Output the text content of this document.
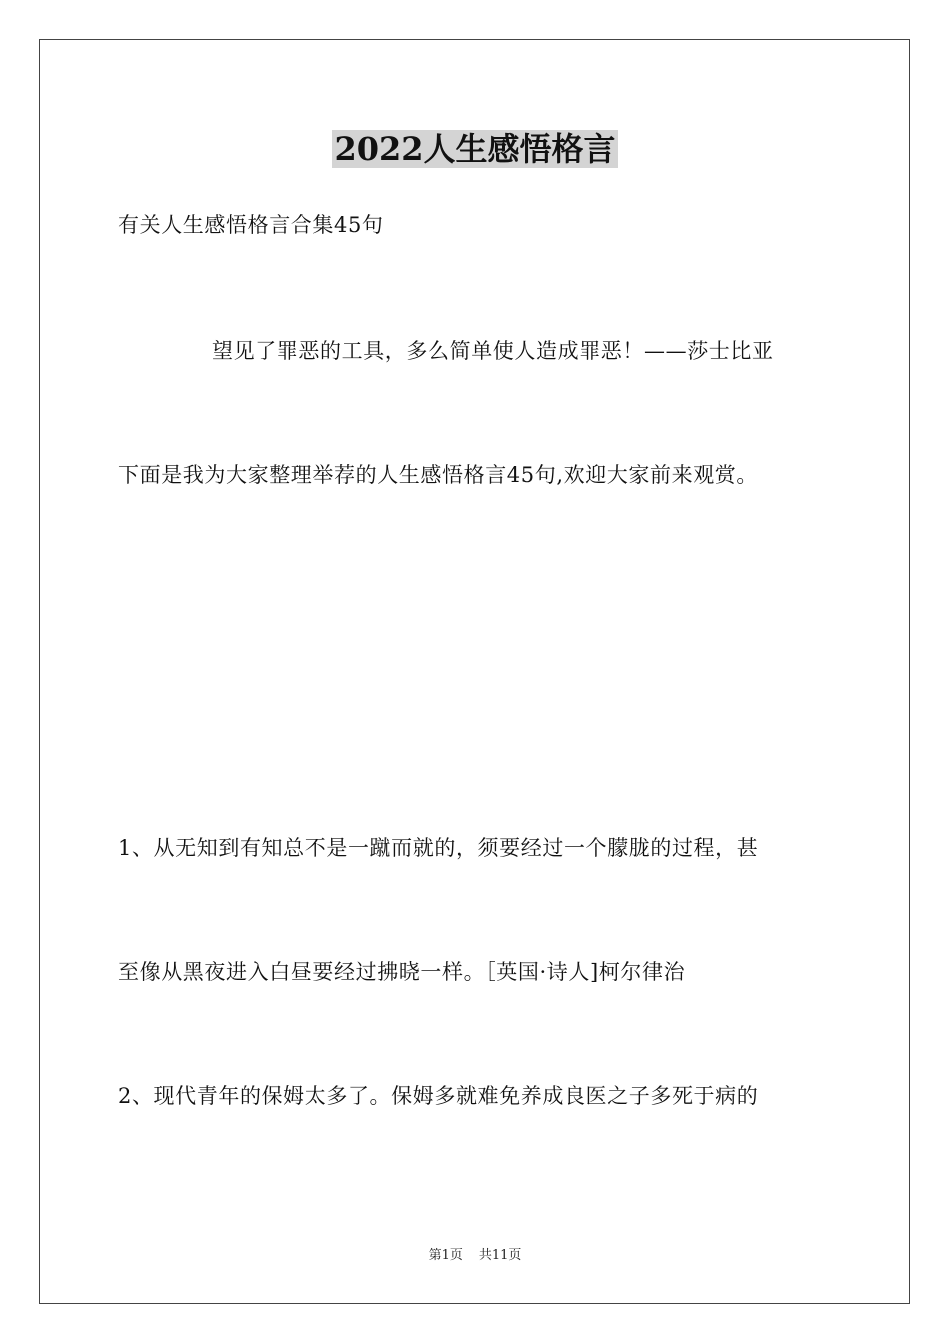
2022人生感悟格言
有关人生感悟格言合集45句
望见了罪恶的工具，多么简单使人造成罪恶！——莎士比亚
下面是我为大家整理举荐的人生感悟格言45句,欢迎大家前来观赏。
1、从无知到有知总不是一蹴而就的，须要经过一个朦胧的过程，甚
至像从黑夜进入白昼要经过拂晓一样。［英国·诗人]柯尔律治
2、现代青年的保姆太多了。保姆多就难免养成良医之子多死于病的
第1页 共11页
